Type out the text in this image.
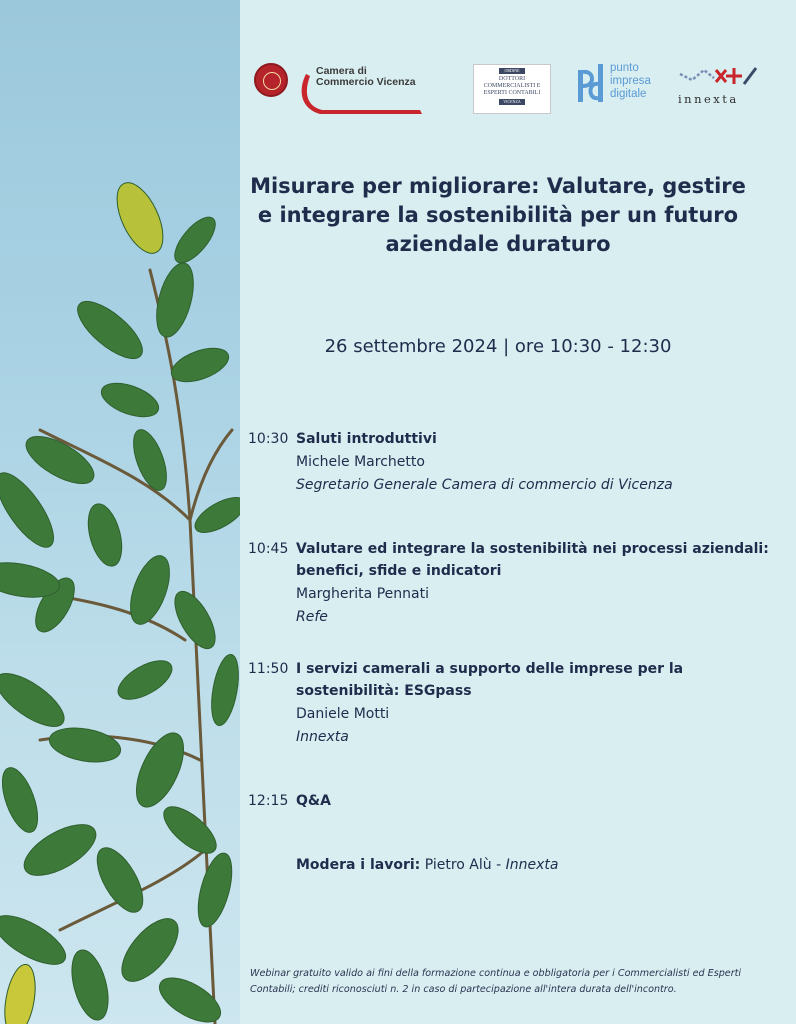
Camera di Commercio Vicenza
ORDINE
DOTTORI COMMERCIALISTI E ESPERTI CONTABILI
VICENZA
punto impresa digitale	innexta
Misurare per migliorare: Valutare, gestire e integrare la sostenibilità per un futuro aziendale duraturo

26 settembre 2024 | ore 10:30 - 12:30

10:30 Saluti introduttivi
Michele Marchetto
Segretario Generale Camera di commercio di Vicenza
10:45 Valutare ed integrare la sostenibilità nei processi aziendali: benefici, sfide e indicatori
Margherita Pennati
Refe
11:50 I servizi camerali a supporto delle imprese per la sostenibilità: ESGpass
Daniele Motti
Innexta
12:15 Q&A
Modera i lavori: Pietro Alù - Innexta

Webinar gratuito valido ai fini della formazione continua e obbligatoria per i Commercialisti ed Esperti Contabili; crediti riconosciuti n. 2 in caso di partecipazione all'intera durata dell'incontro.
